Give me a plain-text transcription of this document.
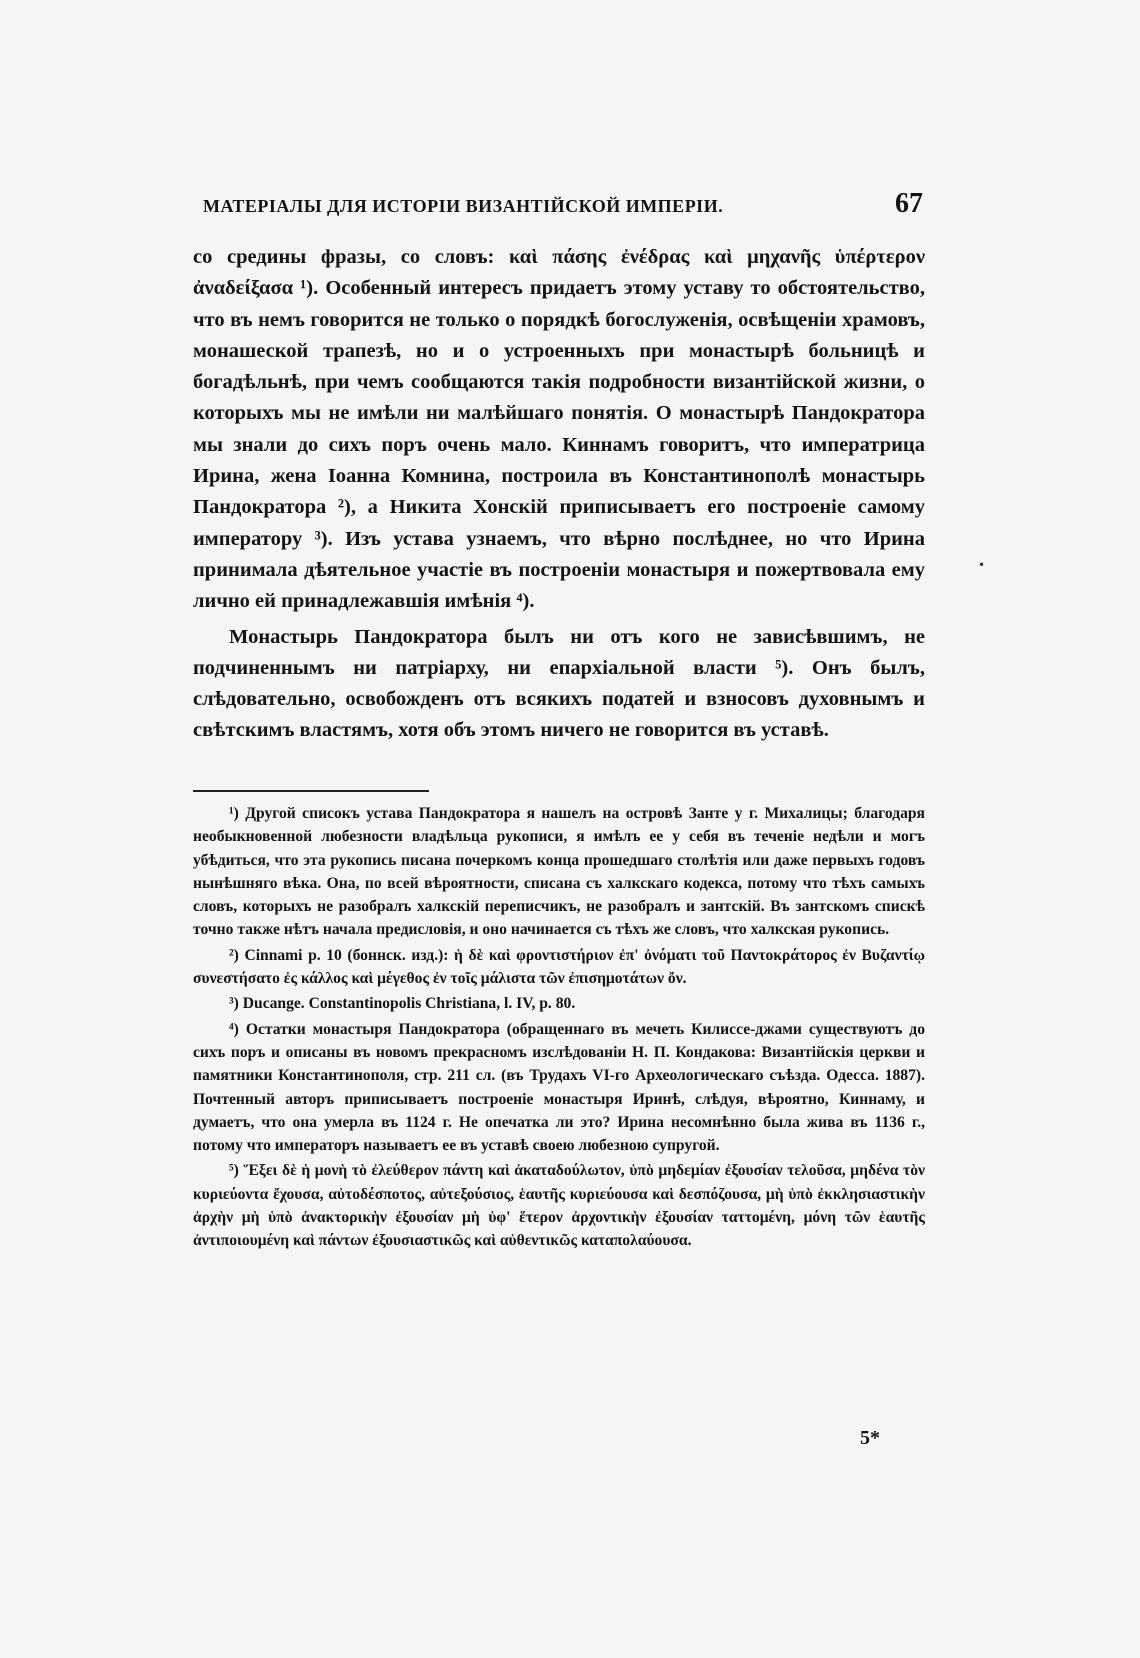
МАТЕРІАЛЫ ДЛЯ ИСТОРІИ ВИЗАНТІЙСКОЙ ИМПЕРІИ.	67

со средины фразы, со словъ: καὶ πάσης ἐνέδρας καὶ μηχανῆς ὑπέρτερον ἀναδείξασα ¹). Особенный интересъ придаетъ этому уставу то обстоятельство, что въ немъ говорится не только о порядкѣ богослуженія, освѣщеніи храмовъ, монашеской трапезѣ, но и о устроенныхъ при монастырѣ больницѣ и богадѣльнѣ, при чемъ сообщаются такія подробности византійской жизни, о которыхъ мы не имѣли ни малѣйшаго понятія. О монастырѣ Пандократора мы знали до сихъ поръ очень мало. Киннамъ говоритъ, что императрица Ирина, жена Іоанна Комнина, построила въ Константинополѣ монастырь Пандократора ²), а Никита Хонскій приписываетъ его построеніе самому императору ³). Изъ устава узнаемъ, что вѣрно послѣднее, но что Ирина принимала дѣятельное участіе въ построеніи монастыря и пожертвовала ему лично ей принадлежавшія имѣнія ⁴).

Монастырь Пандократора былъ ни отъ кого не зависѣвшимъ, не подчиненнымъ ни патріарху, ни епархіальной власти ⁵). Онъ былъ, слѣдовательно, освобожденъ отъ всякихъ податей и взносовъ духовнымъ и свѣтскимъ властямъ, хотя объ этомъ ничего не говорится въ уставѣ.

¹) Другой списокъ устава Пандократора я нашелъ на островѣ Занте у г. Михалицы; благодаря необыкновенной любезности владѣльца рукописи, я имѣлъ ее у себя въ теченіе недѣли и могъ убѣдиться, что эта рукопись писана почеркомъ конца прошедшаго столѣтія или даже первыхъ годовъ нынѣшняго вѣка. Она, по всей вѣроятности, списана съ халкскаго кодекса, потому что тѣхъ самыхъ словъ, которыхъ не разобралъ халкскій переписчикъ, не разобралъ и зантскій. Въ зантскомъ спискѣ точно также нѣтъ начала предисловія, и оно начинается съ тѣхъ же словъ, что халкская рукопись.

²) Cinnami p. 10 (боннск. изд.): ἡ δὲ καὶ φροντιστήριον ἐπ' ὀνόματι τοῦ Παντοκράτορος ἐν Βυζαντίῳ συνεστήσατο ἐς κάλλος καὶ μέγεθος ἐν τοῖς μάλιστα τῶν ἐπισημοτάτων ὄν.

³) Ducange. Constantinopolis Christiana, l. IV, p. 80.

⁴) Остатки монастыря Пандократора (обращеннаго въ мечеть Килиссе-джами существуютъ до сихъ поръ и описаны въ новомъ прекрасномъ изслѣдованіи Н. П. Кондакова: Византійскія церкви и памятники Константинополя, стр. 211 сл. (въ Трудахъ VI-го Археологическаго съѣзда. Одесса. 1887). Почтенный авторъ приписываетъ построеніе монастыря Иринѣ, слѣдуя, вѣроятно, Киннаму, и думаетъ, что она умерла въ 1124 г. Не опечатка ли это? Ирина несомнѣнно была жива въ 1136 г., потому что императоръ называетъ ее въ уставѣ своею любезною супругой.

⁵) Ἕξει δὲ ἡ μονὴ τὸ ἐλεύθερον πάντη καὶ ἀκαταδούλωτον, ὑπὸ μηδεμίαν ἐξουσίαν τελοῦσα, μηδένα τὸν κυριεύοντα ἔχουσα, αὐτοδέσποτος, αὐτεξούσιος, ἑαυτῆς κυριεύουσα καὶ δεσπόζουσα, μὴ ὑπὸ ἐκκλησιαστικὴν ἀρχὴν μὴ ὑπὸ ἀνακτορικὴν ἐξουσίαν μὴ ὑφ' ἕτερον ἀρχοντικὴν ἐξουσίαν ταττομένη, μόνη τῶν ἑαυτῆς ἀντιποιουμένη καὶ πάντων ἐξουσιαστικῶς καὶ αὐθεντικῶς καταπολαύουσα.

5*
•
